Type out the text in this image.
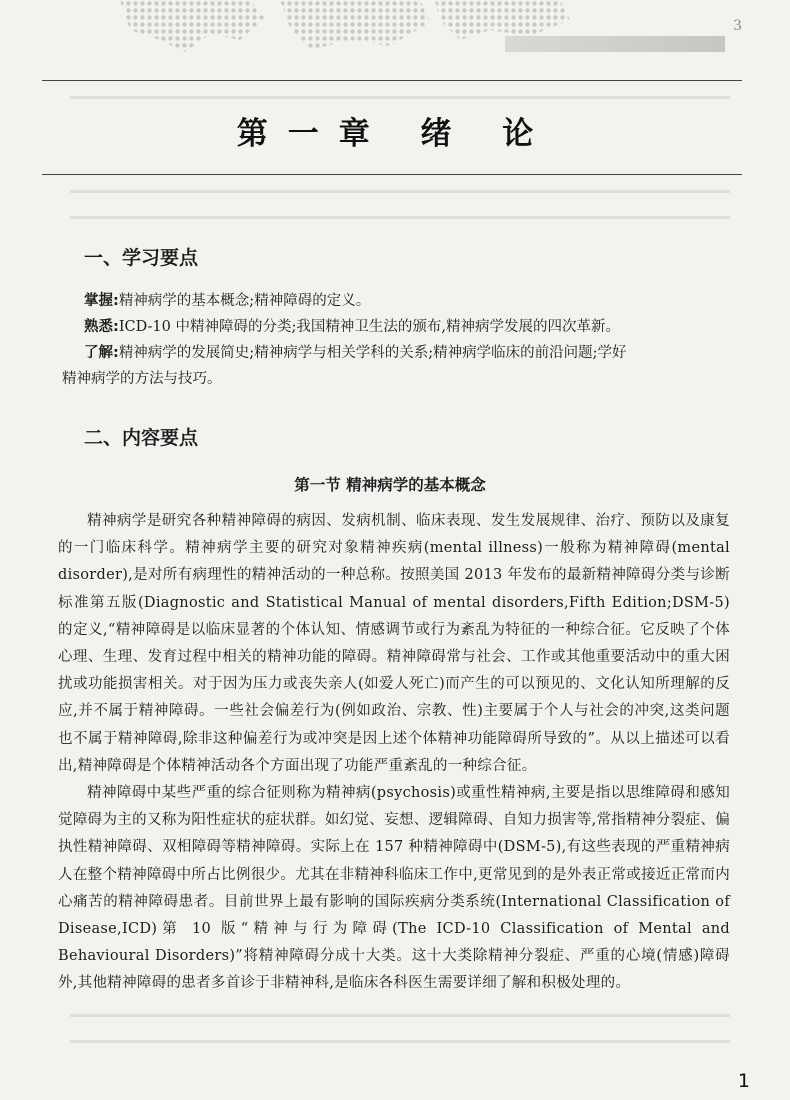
3
第一章 绪 论

一、学习要点

掌握:精神病学的基本概念;精神障碍的定义。

熟悉:ICD-10 中精神障碍的分类;我国精神卫生法的颁布,精神病学发展的四次革新。

了解:精神病学的发展简史;精神病学与相关学科的关系;精神病学临床的前沿问题;学好

精神病学的方法与技巧。

二、内容要点

第一节 精神病学的基本概念

精神病学是研究各种精神障碍的病因、发病机制、临床表现、发生发展规律、治疗、预防以及康复的一门临床科学。精神病学主要的研究对象精神疾病(mental illness)一般称为精神障碍(mental disorder),是对所有病理性的精神活动的一种总称。按照美国 2013 年发布的最新精神障碍分类与诊断标准第五版(Diagnostic and Statistical Manual of mental disorders,Fifth Edition;DSM-5)的定义,“精神障碍是以临床显著的个体认知、情感调节或行为紊乱为特征的一种综合征。它反映了个体心理、生理、发育过程中相关的精神功能的障碍。精神障碍常与社会、工作或其他重要活动中的重大困扰或功能损害相关。对于因为压力或丧失亲人(如爱人死亡)而产生的可以预见的、文化认知所理解的反应,并不属于精神障碍。一些社会偏差行为(例如政治、宗教、性)主要属于个人与社会的冲突,这类问题也不属于精神障碍,除非这种偏差行为或冲突是因上述个体精神功能障碍所导致的”。从以上描述可以看出,精神障碍是个体精神活动各个方面出现了功能严重紊乱的一种综合征。

精神障碍中某些严重的综合征则称为精神病(psychosis)或重性精神病,主要是指以思维障碍和感知觉障碍为主的又称为阳性症状的症状群。如幻觉、妄想、逻辑障碍、自知力损害等,常指精神分裂症、偏执性精神障碍、双相障碍等精神障碍。实际上在 157 种精神障碍中(DSM-5),有这些表现的严重精神病人在整个精神障碍中所占比例很少。尤其在非精神科临床工作中,更常见到的是外表正常或接近正常而内心痛苦的精神障碍患者。目前世界上最有影响的国际疾病分类系统(International Classification of Disease,ICD)第 10 版“精神与行为障碍(The ICD-10 Classification of Mental and Behavioural Disorders)”将精神障碍分成十大类。这十大类除精神分裂症、严重的心境(情感)障碍外,其他精神障碍的患者多首诊于非精神科,是临床各科医生需要详细了解和积极处理的。

1
